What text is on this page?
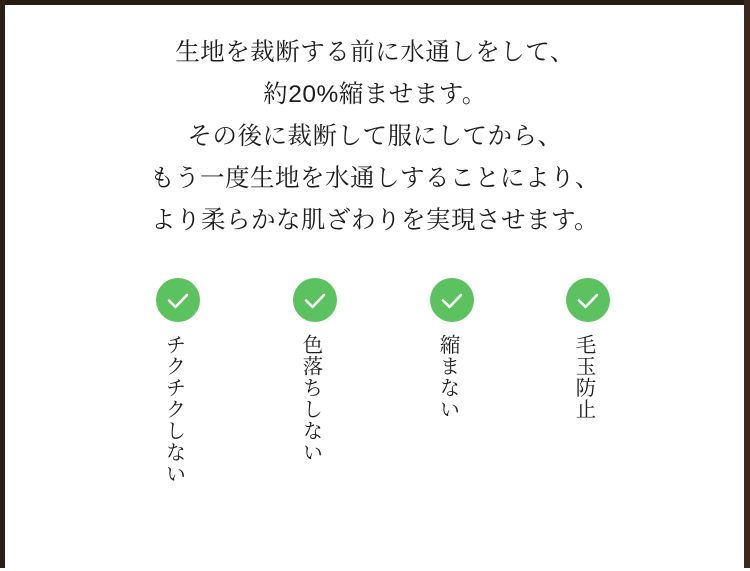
生地を裁断する前に水通しをして、
約20%縮ませます。
その後に裁断して服にしてから、
もう一度生地を水通しすることにより、
より柔らかな肌ざわりを実現させます。
チクチクしない	色落ちしない	縮まない	毛玉防止
